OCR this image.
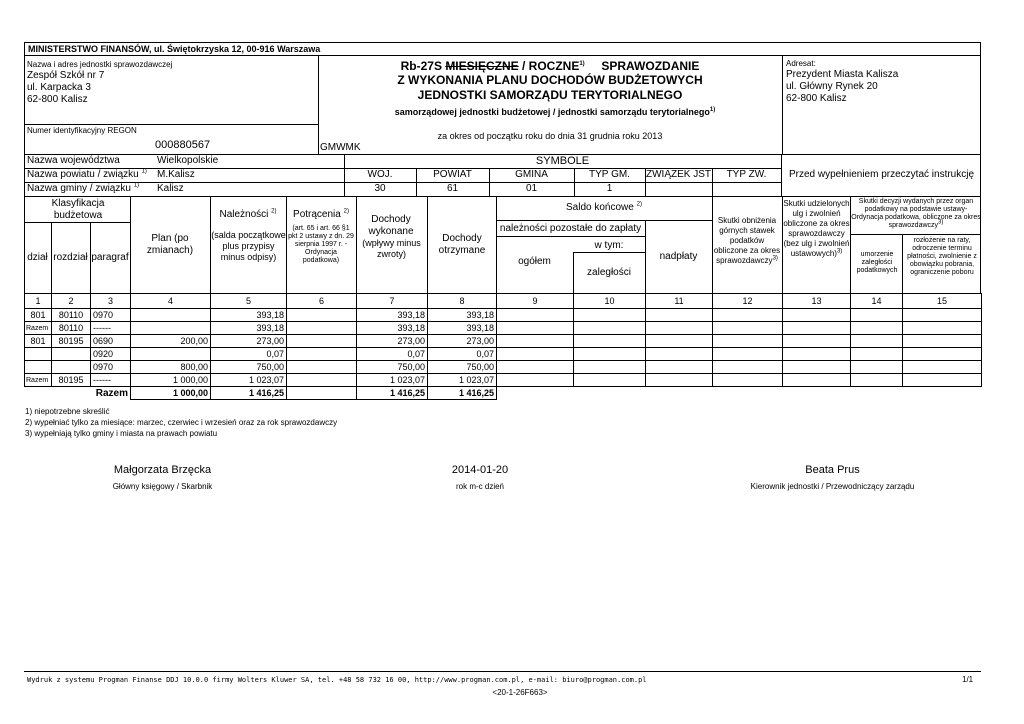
MINISTERSTWO FINANSÓW, ul. Świętokrzyska 12, 00-916 Warszawa
Nazwa i adres jednostki sprawozdawczej
Zespół Szkół nr 7
ul. Karpacka 3
62-800 Kalisz
Numer identyfikacyjny REGON
000880567	GMWMK
Rb-27S MIESIĘCZNE / ROCZNE$^{1)}$ SPRAWOZDANIE
Z WYKONANIA PLANU DOCHODÓW BUDŻETOWYCH
JEDNOSTKI SAMORZĄDU TERYTORIALNEGO
samorządowej jednostki budżetowej / jednostki samorządu terytorialnego$^{1)}$
za okres od początku roku do dnia 31 grudnia roku 2013
Adresat:
Prezydent Miasta Kalisza
ul. Główny Rynek 20
62-800 Kalisz
Nazwa województwa	Wielkopolskie
Nazwa powiatu / związku $^{1)}$ M.Kalisz
Nazwa gminy / związku $^{1)}$ Kalisz
SYMBOLE
WOJ.	POWIAT	GMINA	TYP GM.	ZWIĄZEK JST	TYP ZW.
30	61	01	1
Przed wypełnieniem przeczytać instrukcję
Klasyfikacja budżetowa
dział rozdział paragraf
Plan (po zmianach)
Należności $^{2)}$
(salda początkowe plus przypisy minus odpisy)
Potrącenia $^{2)}$
(art. 65 i art. 66 §1 pkt 2 ustawy z dn. 29 sierpnia 1997 r. - Ordynacja podatkowa)
Dochody wykonane
(wpływy minus zwroty)
Dochody otrzymane
Saldo końcowe $^{2)}$
należności pozostałe do zapłaty
w tym:
ogółem
zaległości
nadpłaty
Skutki obniżenia górnych stawek podatków obliczone za okres sprawozdawczy$^{3)}$
Skutki udzielonych ulg i zwolnień obliczone za okres sprawozdawczy (bez ulg i zwolnień ustawowych)$^{3)}$
Skutki decyzji wydanych przez organ podatkowy na podstawie ustawy-Ordynacja podatkowa, obliczone za okres sprawozdawczy3)
umorzenie zaległości podatkowych
rozłożenie na raty, odroczenie terminu płatności, zwolnienie z obowiązku pobrania, ograniczenie poboru
1	2	3	4	5	6	7	8	9	10	11	12	13	14	15
801	80110	0970		393,18		393,18	393,18							
Razem	80110	------		393,18		393,18	393,18							
801	80195	0690	200,00	273,00		273,00	273,00							
		0920		0,07		0,07	0,07							
		0970	800,00	750,00		750,00	750,00							
Razem	80195	------	1 000,00	1 023,07		1 023,07	1 023,07							
Razem			1 000,00	1 416,25		1 416,25	1 416,25							
1) niepotrzebne skreślić
2) wypełniać tylko za miesiące: marzec, czerwiec i wrzesień oraz za rok sprawozdawczy
3) wypełniają tylko gminy i miasta na prawach powiatu
Małgorzata Brzęcka
Główny księgowy / Skarbnik
2014-01-20
rok m-c dzień
Beata Prus
Kierownik jednostki / Przewodniczący zarządu
Wydruk z systemu Progman Finanse DDJ 10.0.0 firmy Wolters Kluwer SA, tel. +48 58 732 16 00, http://www.progman.com.pl, e-mail: biuro@progman.com.pl	1/1
<20-1-26F663>
